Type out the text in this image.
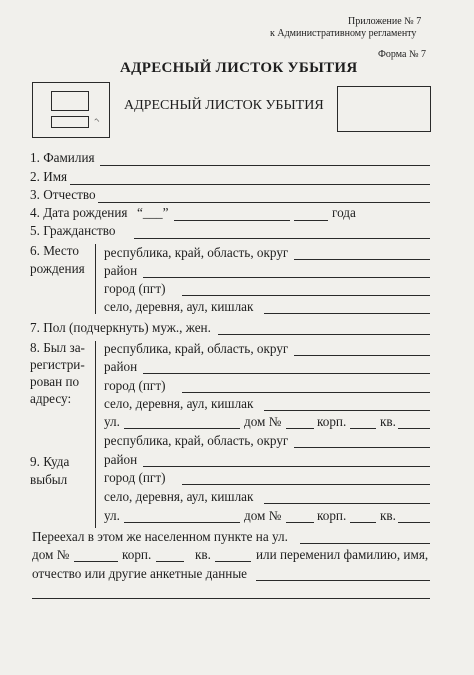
Приложение № 7
к Административному регламенту
Форма № 7
АДРЕСНЫЙ ЛИСТОК УБЫТИЯ
⌐
АДРЕСНЫЙ ЛИСТОК УБЫТИЯ
1. Фамилия
2. Имя
3. Отчество
4. Дата рождения “___”	года
5. Гражданство
6. Место
рождения
республика, край, область, округ
район
город (пгт)
село, деревня, аул, кишлак
7. Пол (подчеркнуть) муж., жен.
8. Был за-
регистри-
рован по
адресу:
республика, край, область, округ
район
город (пгт)
село, деревня, аул, кишлак
ул.	дом №	корп.	кв.
9. Куда
выбыл
республика, край, область, округ
район
город (пгт)
село, деревня, аул, кишлак
ул.	дом №	корп.	кв.
Переехал в этом же населенном пункте на ул.
дом №	корп.	кв.	или переменил фамилию, имя,
отчество или другие анкетные данные
